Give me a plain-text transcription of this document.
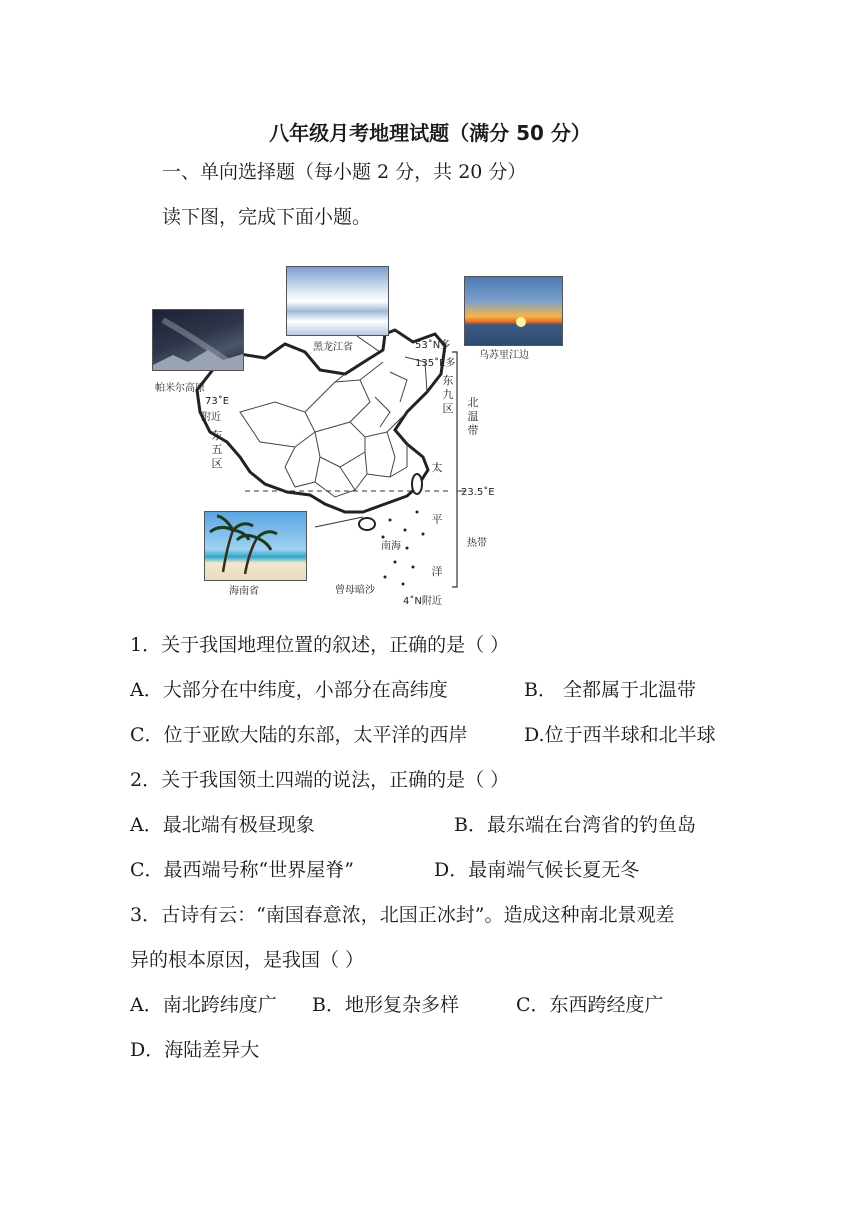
八年级月考地理试题（满分 50 分）
一、单向选择题（每小题 2 分，共 20 分）
读下图，完成下面小题。
帕米尔高原
黑龙江省
乌苏里江边
海南省
53˚N多
135˚E多
73˚E
附近
23.5˚E
南海
曾母暗沙
4˚N附近
东九区
东五区	太平洋
北温带
热带
1．关于我国地理位置的叙述，正确的是（ ）
A．大部分在中纬度，小部分在高纬度	B． 全都属于北温带
C．位于亚欧大陆的东部，太平洋的西岸	D.位于西半球和北半球
2．关于我国领土四端的说法，正确的是（ ）
A．最北端有极昼现象	B．最东端在台湾省的钓鱼岛
C．最西端号称“世界屋脊”	D．最南端气候长夏无冬
3．古诗有云：“南国春意浓，北国正冰封”。造成这种南北景观差
异的根本原因，是我国（ ）
A．南北跨纬度广 B．地形复杂多样	C．东西跨经度广
D．海陆差异大
